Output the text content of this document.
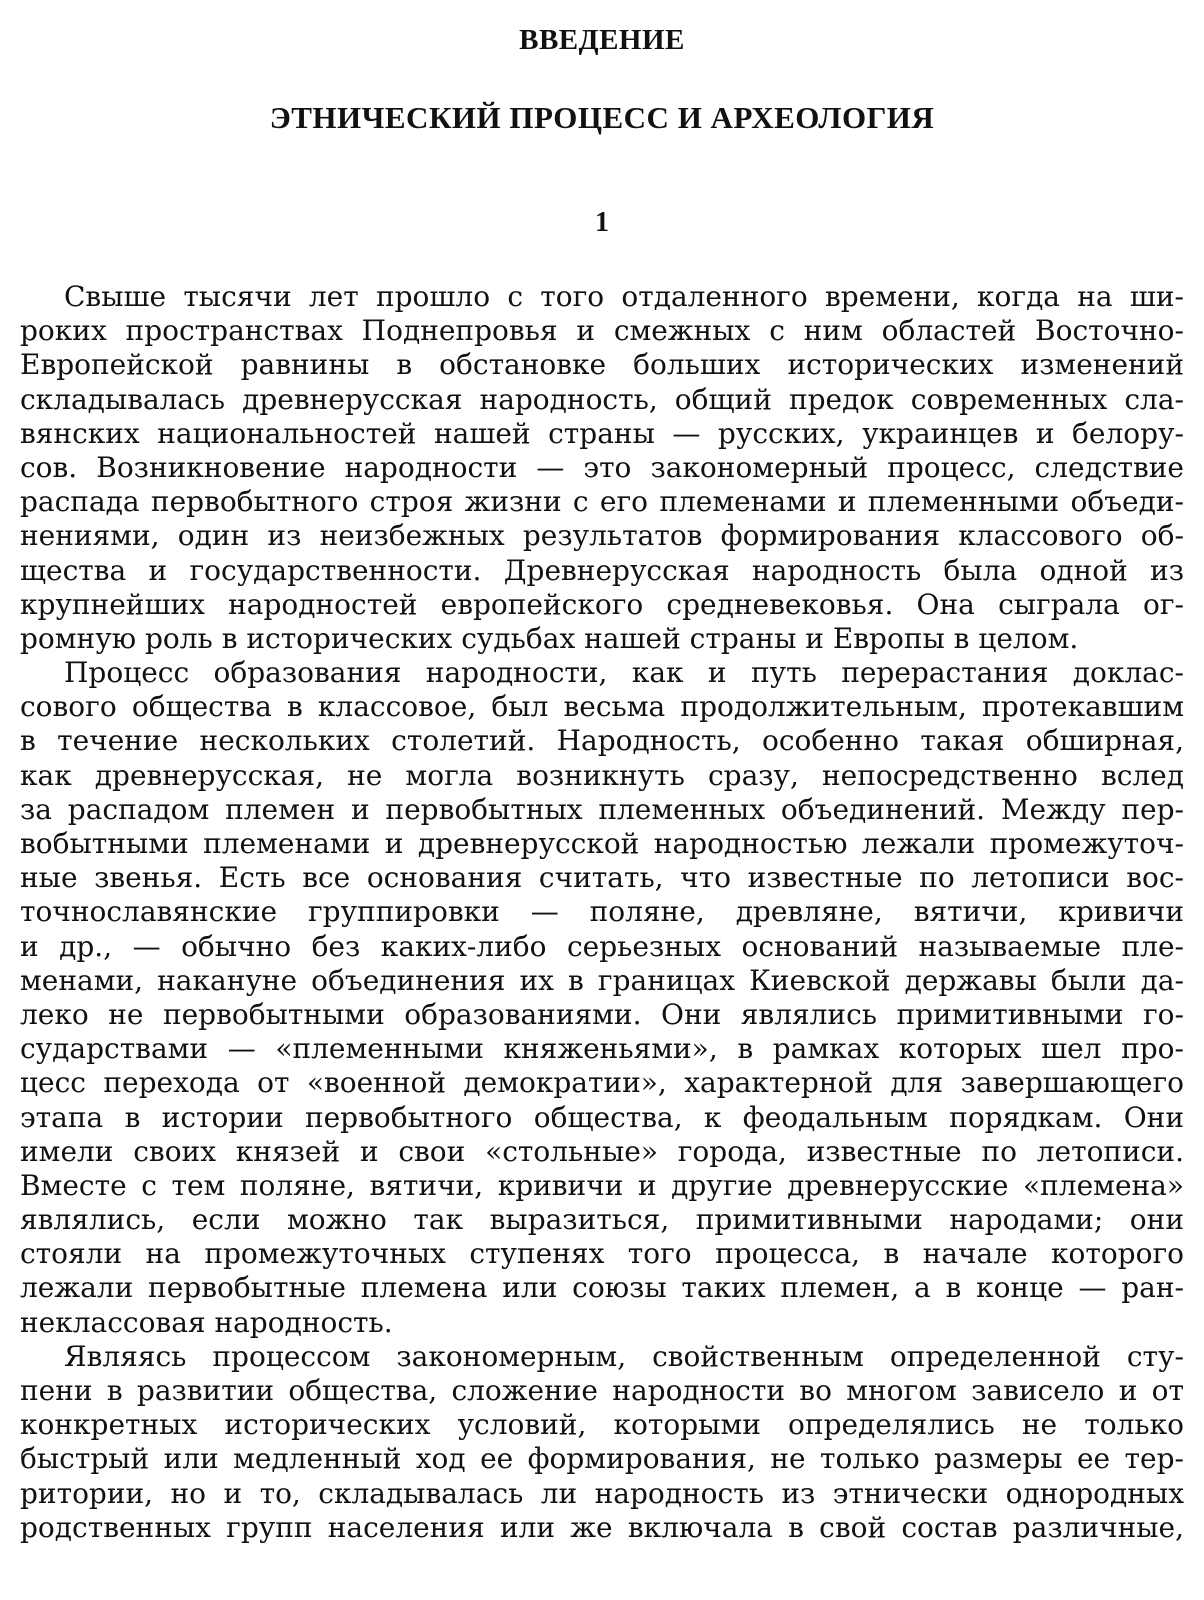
ВВЕДЕНИЕ
ЭТНИЧЕСКИЙ ПРОЦЕСС И АРХЕОЛОГИЯ
1
Свыше тысячи лет прошло с того отдаленного времени, когда на ши-
роких пространствах Поднепровья и смежных с ним областей Восточно-
Европейской равнины в обстановке больших исторических изменений
складывалась древнерусская народность, общий предок современных сла-
вянских национальностей нашей страны — русских, украинцев и белору-
сов. Возникновение народности — это закономерный процесс, следствие
распада первобытного строя жизни с его племенами и племенными объеди-
нениями, один из неизбежных результатов формирования классового об-
щества и государственности. Древнерусская народность была одной из
крупнейших народностей европейского средневековья. Она сыграла ог-
ромную роль в исторических судьбах нашей страны и Европы в целом.
Процесс образования народности, как и путь перерастания доклас-
сового общества в классовое, был весьма продолжительным, протекавшим
в течение нескольких столетий. Народность, особенно такая обширная,
как древнерусская, не могла возникнуть сразу, непосредственно вслед
за распадом племен и первобытных племенных объединений. Между пер-
вобытными племенами и древнерусской народностью лежали промежуточ-
ные звенья. Есть все основания считать, что известные по летописи вос-
точнославянские группировки — поляне, древляне, вятичи, кривичи
и др., — обычно без каких-либо серьезных оснований называемые пле-
менами, накануне объединения их в границах Киевской державы были да-
леко не первобытными образованиями. Они являлись примитивными го-
сударствами — «племенными княженьями», в рамках которых шел про-
цесс перехода от «военной демократии», характерной для завершающего
этапа в истории первобытного общества, к феодальным порядкам. Они
имели своих князей и свои «стольные» города, известные по летописи.
Вместе с тем поляне, вятичи, кривичи и другие древнерусские «племена»
являлись, если можно так выразиться, примитивными народами; они
стояли на промежуточных ступенях того процесса, в начале которого
лежали первобытные племена или союзы таких племен, а в конце — ран-
неклассовая народность.
Являясь процессом закономерным, свойственным определенной сту-
пени в развитии общества, сложение народности во многом зависело и от
конкретных исторических условий, которыми определялись не только
быстрый или медленный ход ее формирования, не только размеры ее тер-
ритории, но и то, складывалась ли народность из этнически однородных
родственных групп населения или же включала в свой состав различные,
